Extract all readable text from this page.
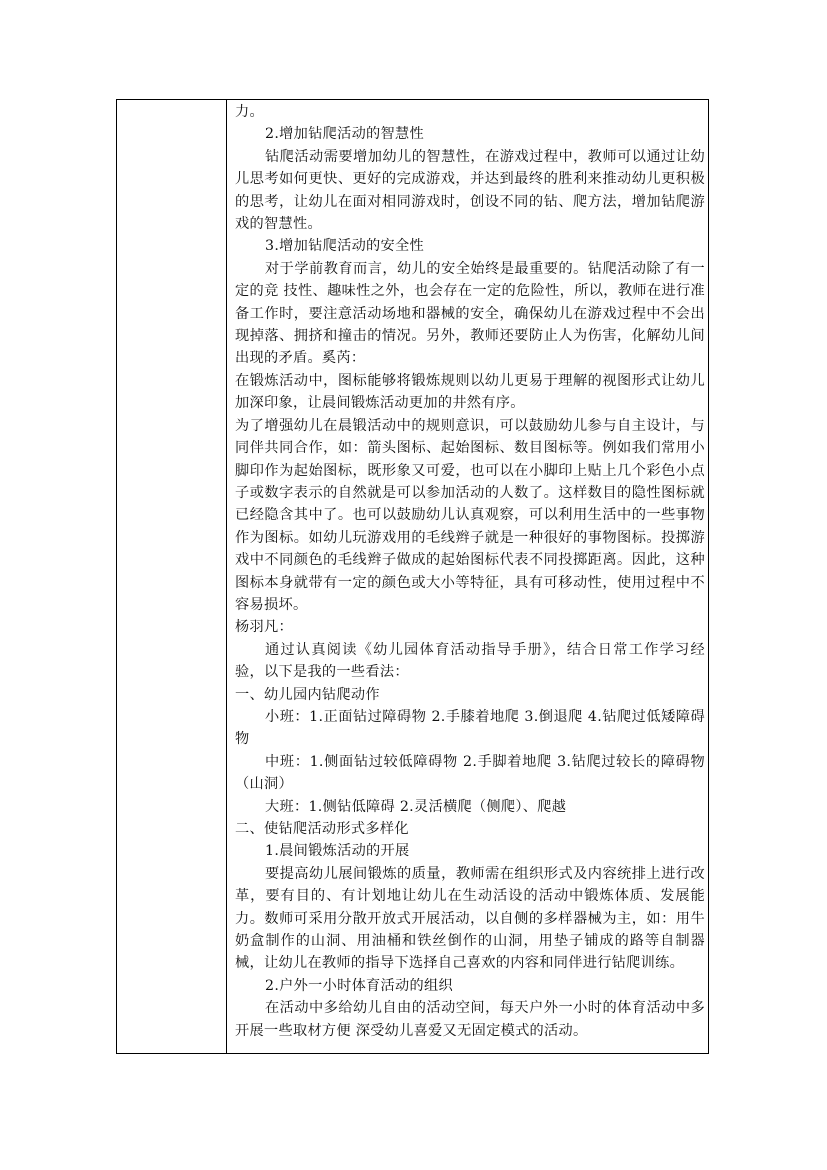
力。

2.增加钻爬活动的智慧性

钻爬活动需要增加幼儿的智慧性，在游戏过程中，教师可以通过让幼儿思考如何更快、更好的完成游戏，并达到最终的胜利来推动幼儿更积极的思考，让幼儿在面对相同游戏时，创设不同的钻、爬方法，增加钻爬游戏的智慧性。

3.增加钻爬活动的安全性

对于学前教育而言，幼儿的安全始终是最重要的。钻爬活动除了有一定的竞 技性、趣味性之外，也会存在一定的危险性，所以，教师在进行准备工作时，要注意活动场地和器械的安全，确保幼儿在游戏过程中不会出现掉落、拥挤和撞击的情况。另外，教师还要防止人为伤害，化解幼儿间出现的矛盾。奚芮：

在锻炼活动中，图标能够将锻炼规则以幼儿更易于理解的视图形式让幼儿加深印象，让晨间锻炼活动更加的井然有序。

为了增强幼儿在晨锻活动中的规则意识，可以鼓励幼儿参与自主设计，与同伴共同合作，如：箭头图标、起始图标、数目图标等。例如我们常用小脚印作为起始图标，既形象又可爱，也可以在小脚印上贴上几个彩色小点子或数字表示的自然就是可以参加活动的人数了。这样数目的隐性图标就已经隐含其中了。也可以鼓励幼儿认真观察，可以利用生活中的一些事物作为图标。如幼儿玩游戏用的毛线辫子就是一种很好的事物图标。投掷游戏中不同颜色的毛线辫子做成的起始图标代表不同投掷距离。因此，这种图标本身就带有一定的颜色或大小等特征，具有可移动性，使用过程中不容易损坏。

杨羽凡：

通过认真阅读《幼儿园体育活动指导手册》，结合日常工作学习经验，以下是我的一些看法：

一、幼儿园内钻爬动作

小班：1.正面钻过障碍物 2.手膝着地爬 3.倒退爬 4.钻爬过低矮障碍物

中班：1.侧面钻过较低障碍物 2.手脚着地爬 3.钻爬过较长的障碍物（山洞）

大班：1.侧钻低障碍 2.灵活横爬（侧爬）、爬越

二、使钻爬活动形式多样化

1.晨间锻炼活动的开展

要提高幼儿展间锻炼的质量，教师需在组织形式及内容统排上进行改革，要有目的、有计划地让幼儿在生动活设的活动中锻炼体质、发展能力。数师可采用分散开放式开展活动，以自侧的多样器械为主，如：用牛奶盒制作的山洞、用油桶和铁丝倒作的山洞，用垫子铺成的路等自制器械，让幼儿在教师的指导下选择自己喜欢的内容和同伴进行钻爬训练。

2.户外一小时体育活动的组织

在活动中多给幼儿自由的活动空间，每天户外一小时的体育活动中多开展一些取材方便 深受幼儿喜爱又无固定模式的活动。
